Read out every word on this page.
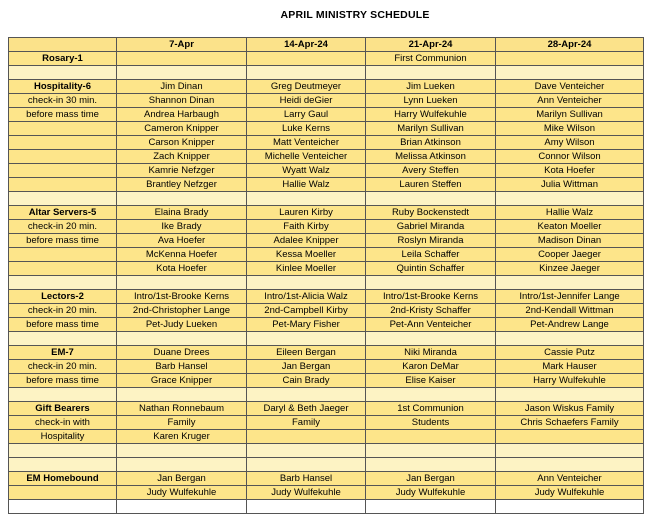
APRIL MINISTRY SCHEDULE
	7-Apr	14-Apr-24	21-Apr-24	28-Apr-24
Rosary-1			First Communion	

Hospitality-6	Jim Dinan	Greg Deutmeyer	Jim Lueken	Dave Venteicher
check-in 30 min.	Shannon Dinan	Heidi deGier	Lynn Lueken	Ann Venteicher
before mass time	Andrea Harbaugh	Larry Gaul	Harry Wulfekuhle	Marilyn Sullivan
	Cameron Knipper	Luke Kerns	Marilyn Sullivan	Mike Wilson
	Carson Knipper	Matt Venteicher	Brian Atkinson	Amy Wilson
	Zach Knipper	Michelle Venteicher	Melissa Atkinson	Connor Wilson
	Kamrie Nefzger	Wyatt Walz	Avery Steffen	Kota Hoefer
	Brantley Nefzger	Hallie Walz	Lauren Steffen	Julia Wittman

Altar Servers-5	Elaina Brady	Lauren Kirby	Ruby Bockenstedt	Hallie Walz
check-in 20 min.	Ike Brady	Faith Kirby	Gabriel Miranda	Keaton Moeller
before mass time	Ava Hoefer	Adalee Knipper	Roslyn Miranda	Madison Dinan
	McKenna Hoefer	Kessa Moeller	Leila Schaffer	Cooper Jaeger
	Kota Hoefer	Kinlee Moeller	Quintin Schaffer	Kinzee Jaeger

Lectors-2	Intro/1st-Brooke Kerns	Intro/1st-Alicia Walz	Intro/1st-Brooke Kerns	Intro/1st-Jennifer Lange
check-in 20 min.	2nd-Christopher Lange	2nd-Campbell Kirby	2nd-Kristy Schaffer	2nd-Kendall Wittman
before mass time	Pet-Judy Lueken	Pet-Mary Fisher	Pet-Ann Venteicher	Pet-Andrew Lange

EM-7	Duane Drees	Eileen Bergan	Niki Miranda	Cassie Putz
check-in 20 min.	Barb Hansel	Jan Bergan	Karon DeMar	Mark Hauser
before mass time	Grace Knipper	Cain Brady	Elise Kaiser	Harry Wulfekuhle

Gift Bearers	Nathan Ronnebaum	Daryl & Beth Jaeger	1st Communion	Jason Wiskus Family
check-in with	Family	Family	Students	Chris Schaefers Family
Hospitality	Karen Kruger			

EM Homebound	Jan Bergan	Barb Hansel	Jan Bergan	Ann Venteicher
	Judy Wulfekuhle	Judy Wulfekuhle	Judy Wulfekuhle	Judy Wulfekuhle
